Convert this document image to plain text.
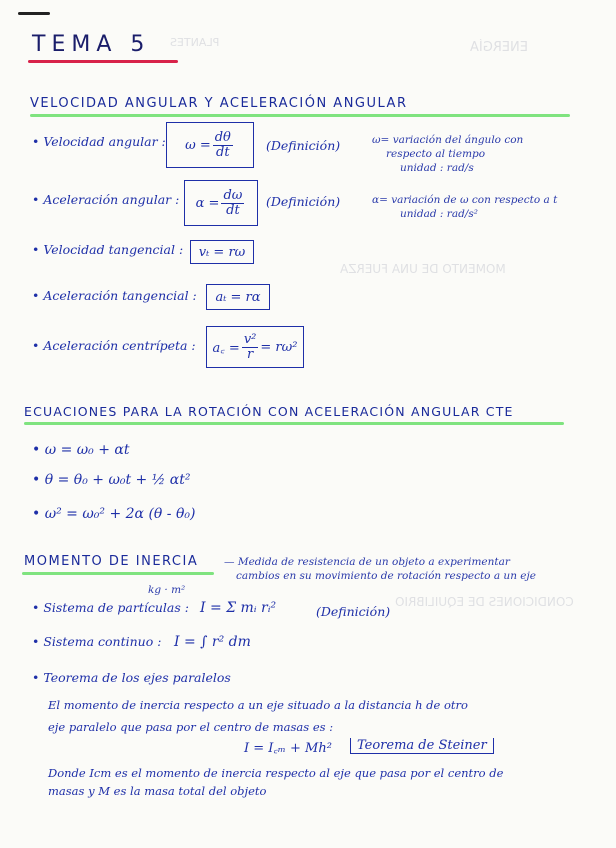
ENERGÍA
PLANTES
MOMENTO DE UNA FUERZA
CONDICIONES DE EQUILIBRIO
TEMA 5
VELOCIDAD ANGULAR Y ACELERACIÓN ANGULAR
• Velocidad angular : $\omega = \frac{d\theta}{dt}$	(Definición)	ω= variación del ángulo con
respecto al tiempo
unidad : rad/s
• Aceleración angular : $\alpha = \frac{d\omega}{dt}$ (Definición)	α= variación de ω con respecto a t
unidad : rad/s²
• Velocidad tangencial :	vₜ = rω
• Aceleración tangencial :	aₜ = rα
• Aceleración centrípeta : a꜀ = $\frac{\text{v²}}{r} = r\omega^2$
ECUACIONES PARA LA ROTACIÓN CON ACELERACIÓN ANGULAR CTE
• ω = ω₀ + αt
• θ = θ₀ + ω₀t + ½ αt²
• ω² = ω₀² + 2α (θ - θ₀)
MOMENTO DE INERCIA — Medida de resistencia de un objeto a experimentar
cambios en su movimiento de rotación respecto a un eje
kg · m²
• Sistema de partículas : I = Σ mᵢ rᵢ²	(Definición)
• Sistema continuo : I = ∫ r² dm
• Teorema de los ejes paralelos
El momento de inercia respecto a un eje situado a la distancia h de otro
eje paralelo que pasa por el centro de masas es :
I = I꜀ₘ + Mh²	Teorema de Steiner
Donde Icm es el momento de inercia respecto al eje que pasa por el centro de
masas y M es la masa total del objeto
